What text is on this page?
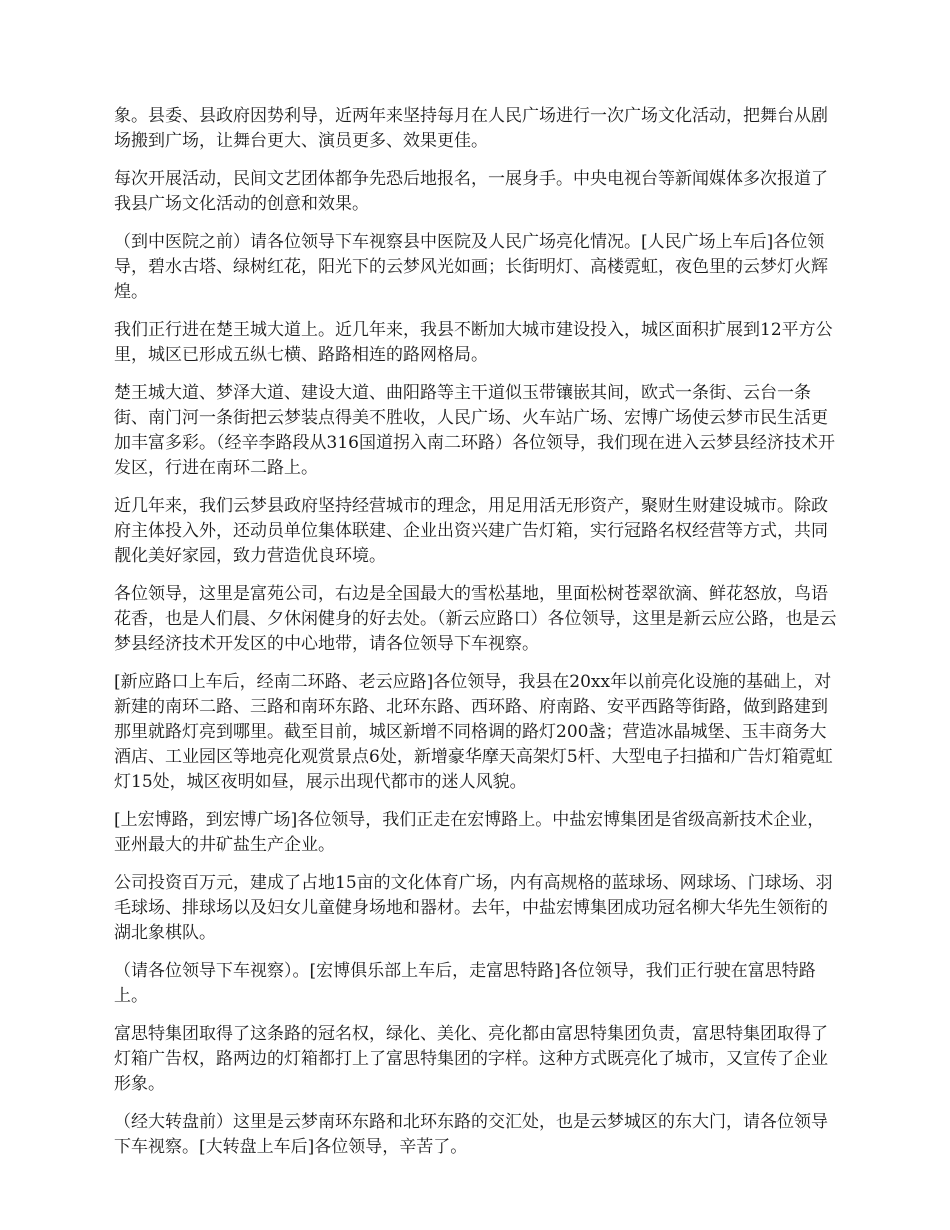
象。县委、县政府因势利导，近两年来坚持每月在人民广场进行一次广场文化活动，把舞台从剧场搬到广场，让舞台更大、演员更多、效果更佳。

每次开展活动，民间文艺团体都争先恐后地报名，一展身手。中央电视台等新闻媒体多次报道了我县广场文化活动的创意和效果。

（到中医院之前）请各位领导下车视察县中医院及人民广场亮化情况。[人民广场上车后]各位领导，碧水古塔、绿树红花，阳光下的云梦风光如画；长街明灯、高楼霓虹，夜色里的云梦灯火辉煌。

我们正行进在楚王城大道上。近几年来，我县不断加大城市建设投入，城区面积扩展到12平方公里，城区已形成五纵七横、路路相连的路网格局。

楚王城大道、梦泽大道、建设大道、曲阳路等主干道似玉带镶嵌其间，欧式一条街、云台一条街、南门河一条街把云梦装点得美不胜收，人民广场、火车站广场、宏博广场使云梦市民生活更加丰富多彩。（经辛李路段从316国道拐入南二环路）各位领导，我们现在进入云梦县经济技术开发区，行进在南环二路上。

近几年来，我们云梦县政府坚持经营城市的理念，用足用活无形资产，聚财生财建设城市。除政府主体投入外，还动员单位集体联建、企业出资兴建广告灯箱，实行冠路名权经营等方式，共同靓化美好家园，致力营造优良环境。

各位领导，这里是富苑公司，右边是全国最大的雪松基地，里面松树苍翠欲滴、鲜花怒放，鸟语花香，也是人们晨、夕休闲健身的好去处。（新云应路口）各位领导，这里是新云应公路，也是云梦县经济技术开发区的中心地带，请各位领导下车视察。

[新应路口上车后，经南二环路、老云应路]各位领导，我县在20xx年以前亮化设施的基础上，对新建的南环二路、三路和南环东路、北环东路、西环路、府南路、安平西路等街路，做到路建到那里就路灯亮到哪里。截至目前，城区新增不同格调的路灯200盏；营造冰晶城堡、玉丰商务大酒店、工业园区等地亮化观赏景点6处，新增豪华摩天高架灯5杆、大型电子扫描和广告灯箱霓虹灯15处，城区夜明如昼，展示出现代都市的迷人风貌。

[上宏博路，到宏博广场]各位领导，我们正走在宏博路上。中盐宏博集团是省级高新技术企业，亚州最大的井矿盐生产企业。

公司投资百万元，建成了占地15亩的文化体育广场，内有高规格的蓝球场、网球场、门球场、羽毛球场、排球场以及妇女儿童健身场地和器材。去年，中盐宏博集团成功冠名柳大华先生领衔的湖北象棋队。

（请各位领导下车视察）。[宏博俱乐部上车后，走富思特路]各位领导，我们正行驶在富思特路上。

富思特集团取得了这条路的冠名权，绿化、美化、亮化都由富思特集团负责，富思特集团取得了灯箱广告权，路两边的灯箱都打上了富思特集团的字样。这种方式既亮化了城市，又宣传了企业形象。

（经大转盘前）这里是云梦南环东路和北环东路的交汇处，也是云梦城区的东大门，请各位领导下车视察。[大转盘上车后]各位领导，辛苦了。
